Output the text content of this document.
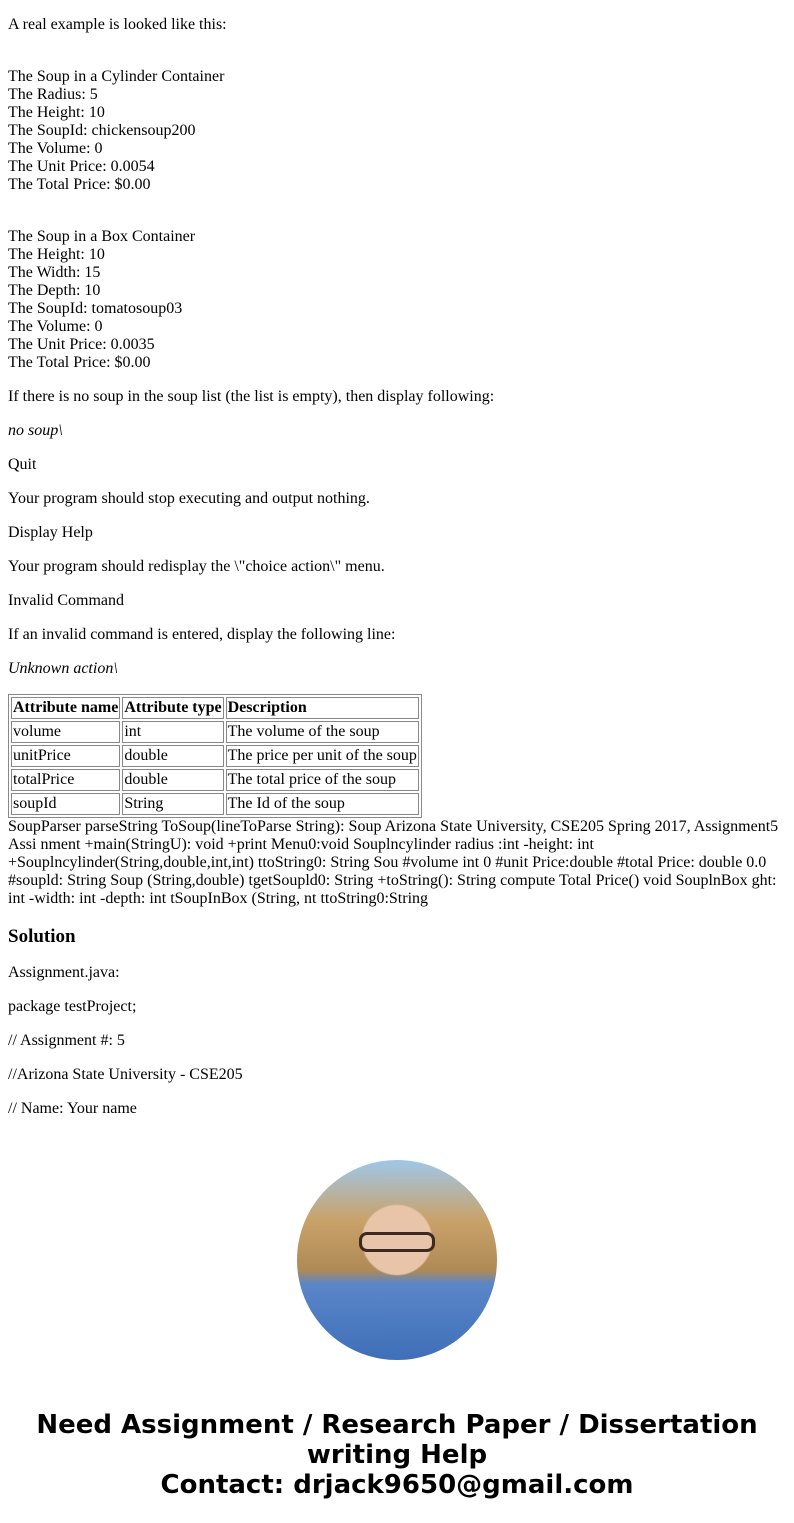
A real example is looked like this:

The Soup in a Cylinder Container
The Radius: 5
The Height: 10
The SoupId: chickensoup200
The Volume: 0
The Unit Price: 0.0054
The Total Price: $0.00
The Soup in a Box Container
The Height: 10
The Width: 15
The Depth: 10
The SoupId: tomatosoup03
The Volume: 0
The Unit Price: 0.0035
The Total Price: $0.00

If there is no soup in the soup list (the list is empty), then display following:

no soup\

Quit

Your program should stop executing and output nothing.

Display Help

Your program should redisplay the \"choice action\" menu.

Invalid Command

If an invalid command is entered, display the following line:

Unknown action\

Attribute name	Attribute type	Description
volume	int	The volume of the soup
unitPrice	double	The price per unit of the soup
totalPrice	double	The total price of the soup
soupId	String	The Id of the soup
SoupParser parseString ToSoup(lineToParse String): Soup Arizona State University, CSE205 Spring 2017, Assignment5 Assi nment +main(StringU): void +print Menu0:void Souplncylinder radius :int -height: int +Souplncylinder(String,double,int,int) ttoString0: String Sou #volume int 0 #unit Price:double #total Price: double 0.0 #soupld: String Soup (String,double) tgetSoupld0: String +toString(): String compute Total Price() void SouplnBox ght: int -width: int -depth: int tSoupInBox (String, nt ttoString0:String
Solution

Assignment.java:

package testProject;

// Assignment #: 5

//Arizona State University - CSE205

// Name: Your name

Need Assignment / Research Paper / Dissertation writing Help
Contact: drjack9650@gmail.com
